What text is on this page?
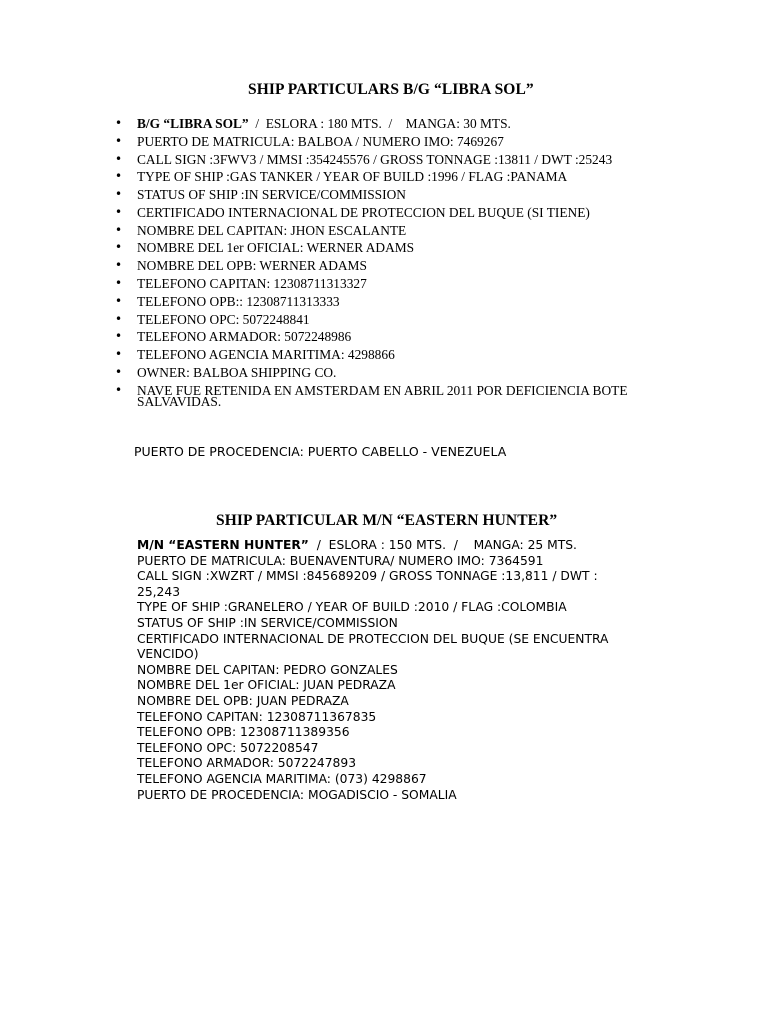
SHIP PARTICULARS B/G “LIBRA SOL”
• B/G “LIBRA SOL”  /  ESLORA : 180 MTS.  /    MANGA: 30 MTS.
• PUERTO DE MATRICULA: BALBOA / NUMERO IMO: 7469267
• CALL SIGN :3FWV3 / MMSI :354245576 / GROSS TONNAGE :13811 / DWT :25243
• TYPE OF SHIP :GAS TANKER / YEAR OF BUILD :1996 / FLAG :PANAMA
• STATUS OF SHIP :IN SERVICE/COMMISSION
• CERTIFICADO INTERNACIONAL DE PROTECCION DEL BUQUE (SI TIENE)
• NOMBRE DEL CAPITAN: JHON ESCALANTE
• NOMBRE DEL 1er OFICIAL: WERNER ADAMS
• NOMBRE DEL OPB: WERNER ADAMS
• TELEFONO CAPITAN: 12308711313327
• TELEFONO OPB:: 12308711313333
• TELEFONO OPC: 5072248841
• TELEFONO ARMADOR: 5072248986
• TELEFONO AGENCIA MARITIMA: 4298866
• OWNER: BALBOA SHIPPING CO.
• NAVE FUE RETENIDA EN AMSTERDAM EN ABRIL 2011 POR DEFICIENCIA BOTE SALVAVIDAS.
PUERTO DE PROCEDENCIA: PUERTO CABELLO - VENEZUELA
SHIP PARTICULAR M/N “EASTERN HUNTER”
M/N “EASTERN HUNTER”  /  ESLORA : 150 MTS.  /    MANGA: 25 MTS.
PUERTO DE MATRICULA: BUENAVENTURA/ NUMERO IMO: 7364591
CALL SIGN :XWZRT / MMSI :845689209 / GROSS TONNAGE :13,811 / DWT : 25,243
TYPE OF SHIP :GRANELERO / YEAR OF BUILD :2010 / FLAG :COLOMBIA
STATUS OF SHIP :IN SERVICE/COMMISSION
CERTIFICADO INTERNACIONAL DE PROTECCION DEL BUQUE (SE ENCUENTRA VENCIDO)
NOMBRE DEL CAPITAN: PEDRO GONZALES
NOMBRE DEL 1er OFICIAL: JUAN PEDRAZA
NOMBRE DEL OPB: JUAN PEDRAZA
TELEFONO CAPITAN: 12308711367835
TELEFONO OPB: 12308711389356
TELEFONO OPC: 5072208547
TELEFONO ARMADOR: 5072247893
TELEFONO AGENCIA MARITIMA: (073) 4298867
PUERTO DE PROCEDENCIA: MOGADISCIO - SOMALIA
